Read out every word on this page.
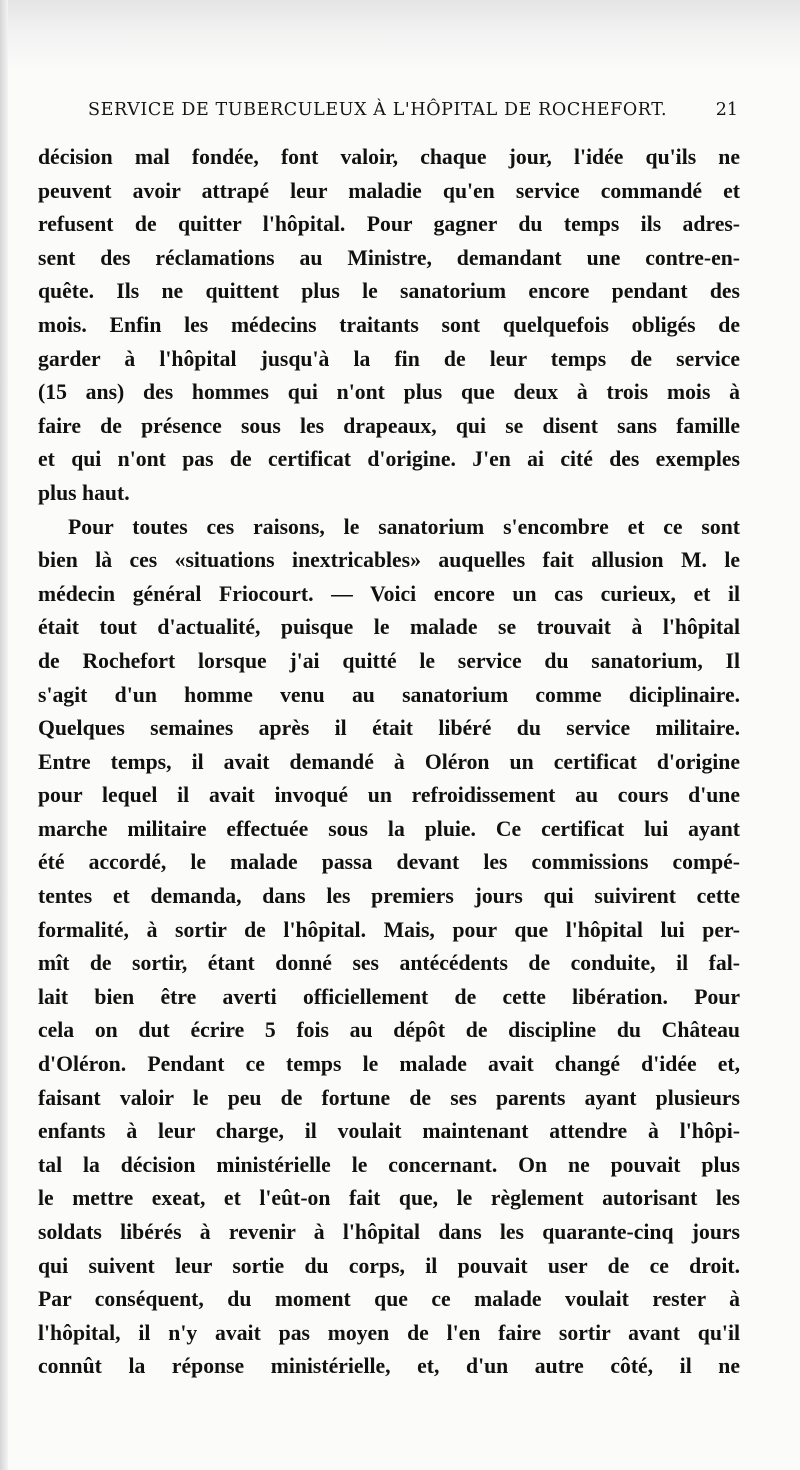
SERVICE DE TUBERCULEUX À L'HÔPITAL DE ROCHEFORT.	21
décision mal fondée, font valoir, chaque jour, l'idée qu'ils ne
peuvent avoir attrapé leur maladie qu'en service commandé et
refusent de quitter l'hôpital. Pour gagner du temps ils adres-
sent des réclamations au Ministre, demandant une contre-en-
quête. Ils ne quittent plus le sanatorium encore pendant des
mois. Enfin les médecins traitants sont quelquefois obligés de
garder à l'hôpital jusqu'à la fin de leur temps de service
(15 ans) des hommes qui n'ont plus que deux à trois mois à
faire de présence sous les drapeaux, qui se disent sans famille
et qui n'ont pas de certificat d'origine. J'en ai cité des exemples
plus haut.
Pour toutes ces raisons, le sanatorium s'encombre et ce sont
bien là ces «situations inextricables» auquelles fait allusion M. le
médecin général Friocourt. — Voici encore un cas curieux, et il
était tout d'actualité, puisque le malade se trouvait à l'hôpital
de Rochefort lorsque j'ai quitté le service du sanatorium, Il
s'agit d'un homme venu au sanatorium comme diciplinaire.
Quelques semaines après il était libéré du service militaire.
Entre temps, il avait demandé à Oléron un certificat d'origine
pour lequel il avait invoqué un refroidissement au cours d'une
marche militaire effectuée sous la pluie. Ce certificat lui ayant
été accordé, le malade passa devant les commissions compé-
tentes et demanda, dans les premiers jours qui suivirent cette
formalité, à sortir de l'hôpital. Mais, pour que l'hôpital lui per-
mît de sortir, étant donné ses antécédents de conduite, il fal-
lait bien être averti officiellement de cette libération. Pour
cela on dut écrire 5 fois au dépôt de discipline du Château
d'Oléron. Pendant ce temps le malade avait changé d'idée et,
faisant valoir le peu de fortune de ses parents ayant plusieurs
enfants à leur charge, il voulait maintenant attendre à l'hôpi-
tal la décision ministérielle le concernant. On ne pouvait plus
le mettre exeat, et l'eût-on fait que, le règlement autorisant les
soldats libérés à revenir à l'hôpital dans les quarante-cinq jours
qui suivent leur sortie du corps, il pouvait user de ce droit.
Par conséquent, du moment que ce malade voulait rester à
l'hôpital, il n'y avait pas moyen de l'en faire sortir avant qu'il
connût la réponse ministérielle, et, d'un autre côté, il ne
